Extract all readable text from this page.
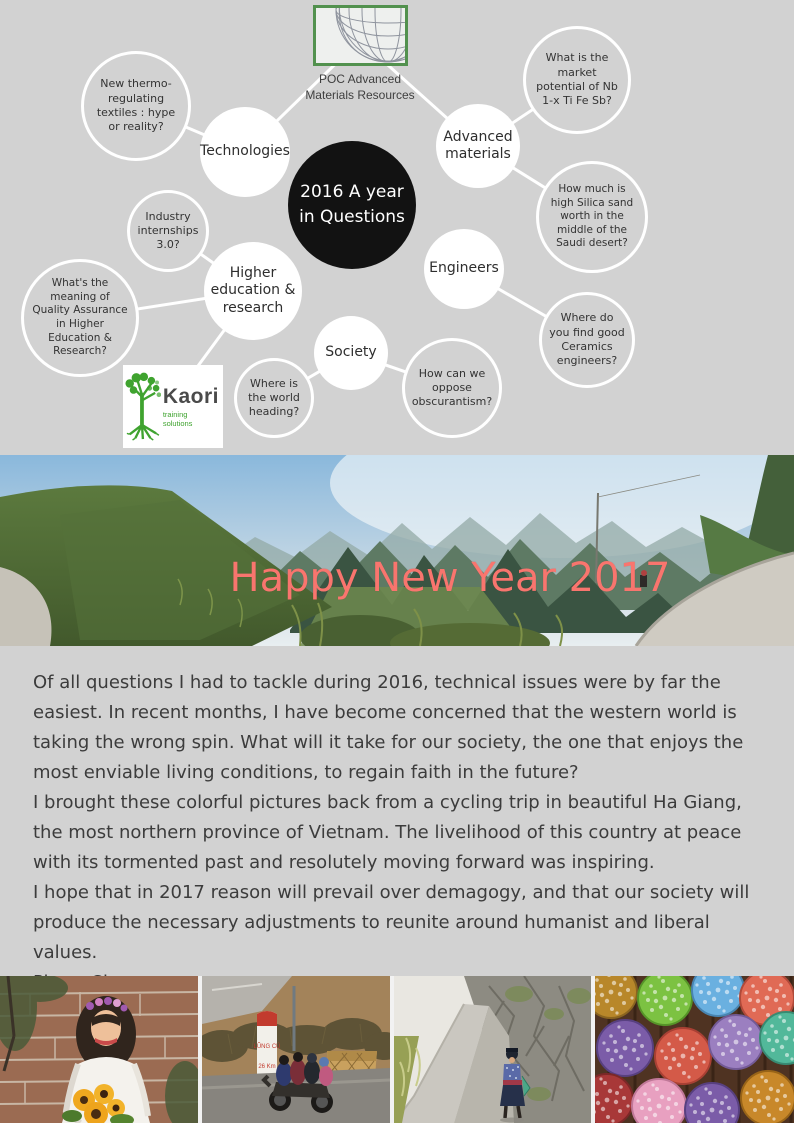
POC Advanced
Materials Resources
New thermo-regulating textiles : hype or reality?
Industry internships 3.0?
What's the meaning of Quality Assurance in Higher Education & Research?
What is the market potential of Nb 1-x Ti Fe Sb?
How much is high Silica sand worth in the middle of the Saudi desert?
Where do you find good Ceramics engineers?
How can we oppose obscurantism?
Where is the world heading?
Technologies
Advanced materials
Engineers
Higher education & research
Society
2016 A year
in Questions
Kaori
training solutions
Happy New Year 2017

Of all questions I had to tackle during 2016, technical issues were by far the easiest. In recent months, I have become concerned that the western world is taking the wrong spin. What will it take for our society, the one that enjoys the most enviable living conditions, to regain faith in the future?

I brought these colorful pictures back from a cycling trip in beautiful Ha Giang, the most northern province of Vietnam. The livelihood of this country at peace with its tormented past and resolutely moving forward was inspiring.

I hope that in 2017 reason will prevail over demagogy, and that our society will produce the necessary adjustments to reunite around humanist and liberal values.

LŨNG CÚ
26 Km
